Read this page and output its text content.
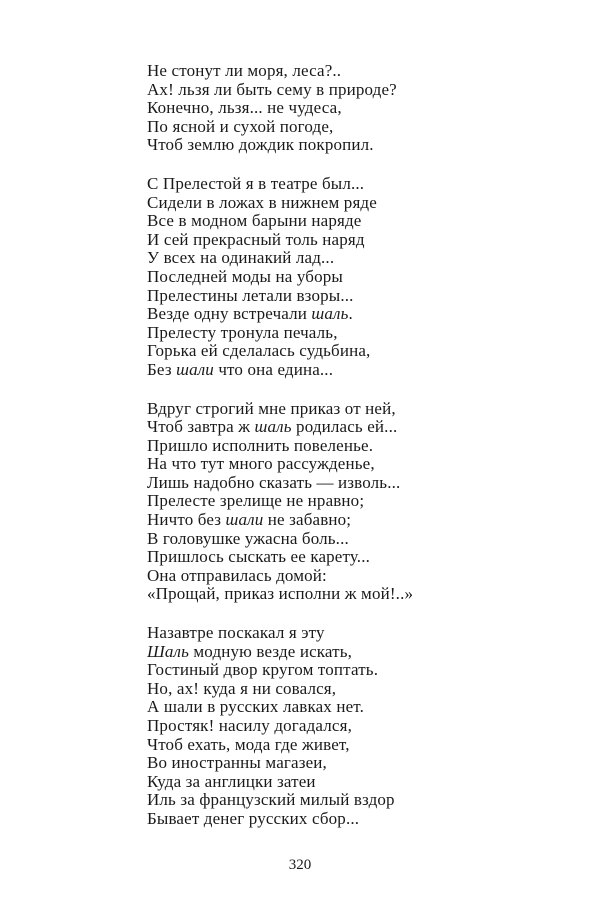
Не стонут ли моря, леса?..
Ах! льзя ли быть сему в природе?
Конечно, льзя... не чудеса,
По ясной и сухой погоде,
Чтоб землю дождик покропил.
С Прелестой я в театре был...
Сидели в ложах в нижнем ряде
Все в модном барыни наряде
И сей прекрасный толь наряд
У всех на одинакий лад...
Последней моды на уборы
Прелестины летали взоры...
Везде одну встречали шаль.
Прелесту тронула печаль,
Горька ей сделалась судьбина,
Без шали что она едина...
Вдруг строгий мне приказ от ней,
Чтоб завтра ж шаль родилась ей...
Пришло исполнить повеленье.
На что тут много рассужденье,
Лишь надобно сказать — изволь...
Прелесте зрелище не нравно;
Ничто без шали не забавно;
В головушке ужасна боль...
Пришлось сыскать ее карету...
Она отправилась домой:
«Прощай, приказ исполни ж мой!..»
Назавтре поскакал я эту
Шаль модную везде искать,
Гостиный двор кругом топтать.
Но, ах! куда я ни совался,
А шали в русских лавках нет.
Простяк! насилу догадался,
Чтоб ехать, мода где живет,
Во иностранны магазеи,
Куда за англицки затеи
Иль за французский милый вздор
Бывает денег русских сбор...
320
